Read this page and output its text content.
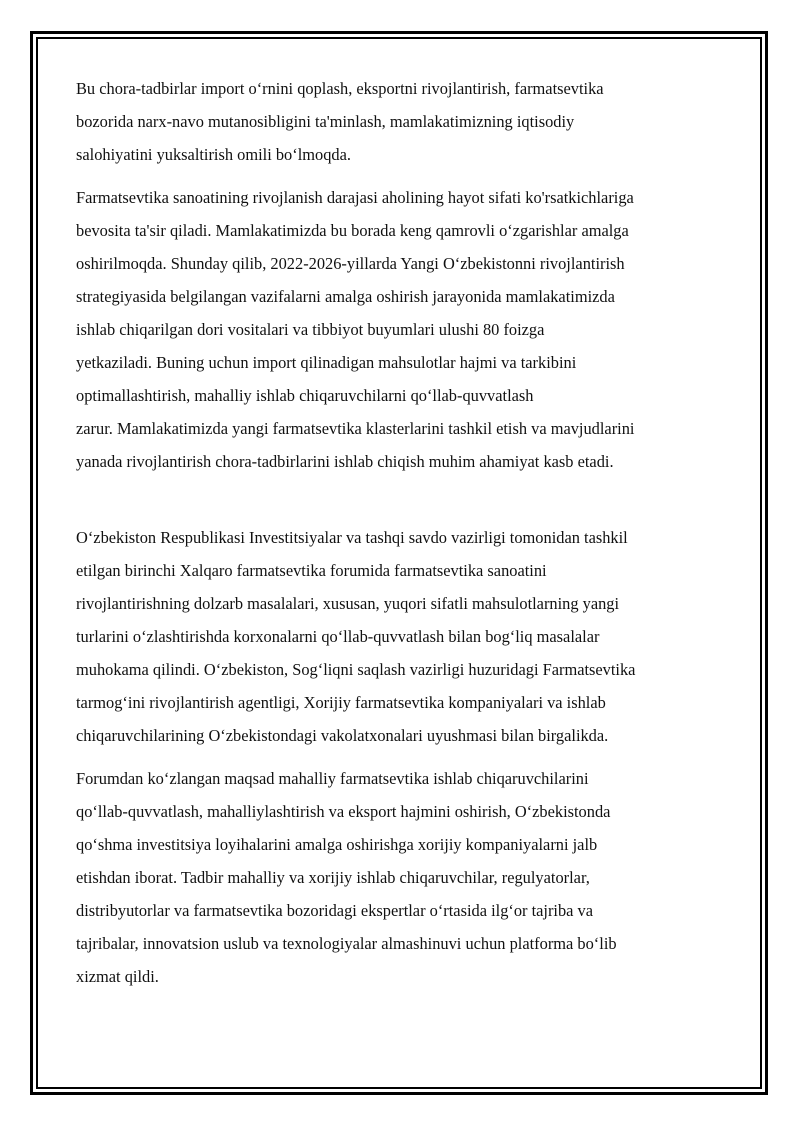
Bu chora-tadbirlar import o‘rnini qoplash, eksportni rivojlantirish, farmatsevtika
bozorida narx-navo mutanosibligini ta'minlash, mamlakatimizning iqtisodiy
salohiyatini yuksaltirish omili bo‘lmoqda.

Farmatsevtika sanoatining rivojlanish darajasi aholining hayot sifati ko'rsatkichlariga
bevosita ta'sir qiladi. Mamlakatimizda bu borada keng qamrovli o‘zgarishlar amalga
oshirilmoqda. Shunday qilib, 2022-2026-yillarda Yangi O‘zbekistonni rivojlantirish
strategiyasida belgilangan vazifalarni amalga oshirish jarayonida mamlakatimizda
ishlab chiqarilgan dori vositalari va tibbiyot buyumlari ulushi 80 foizga
yetkaziladi. Buning uchun import qilinadigan mahsulotlar hajmi va tarkibini
optimallashtirish, mahalliy ishlab chiqaruvchilarni qo‘llab-quvvatlash
zarur. Mamlakatimizda yangi farmatsevtika klasterlarini tashkil etish va mavjudlarini
yanada rivojlantirish chora-tadbirlarini ishlab chiqish muhim ahamiyat kasb etadi.

O‘zbekiston Respublikasi Investitsiyalar va tashqi savdo vazirligi tomonidan tashkil
etilgan birinchi Xalqaro farmatsevtika forumida farmatsevtika sanoatini
rivojlantirishning dolzarb masalalari, xususan, yuqori sifatli mahsulotlarning yangi
turlarini o‘zlashtirishda korxonalarni qo‘llab-quvvatlash bilan bog‘liq masalalar
muhokama qilindi. O‘zbekiston, Sog‘liqni saqlash vazirligi huzuridagi Farmatsevtika
tarmog‘ini rivojlantirish agentligi, Xorijiy farmatsevtika kompaniyalari va ishlab
chiqaruvchilarining O‘zbekistondagi vakolatxonalari uyushmasi bilan birgalikda.

Forumdan ko‘zlangan maqsad mahalliy farmatsevtika ishlab chiqaruvchilarini
qo‘llab-quvvatlash, mahalliylashtirish va eksport hajmini oshirish, O‘zbekistonda
qo‘shma investitsiya loyihalarini amalga oshirishga xorijiy kompaniyalarni jalb
etishdan iborat. Tadbir mahalliy va xorijiy ishlab chiqaruvchilar, regulyatorlar,
distribyutorlar va farmatsevtika bozoridagi ekspertlar o‘rtasida ilg‘or tajriba va
tajribalar, innovatsion uslub va texnologiyalar almashinuvi uchun platforma bo‘lib
xizmat qildi.
